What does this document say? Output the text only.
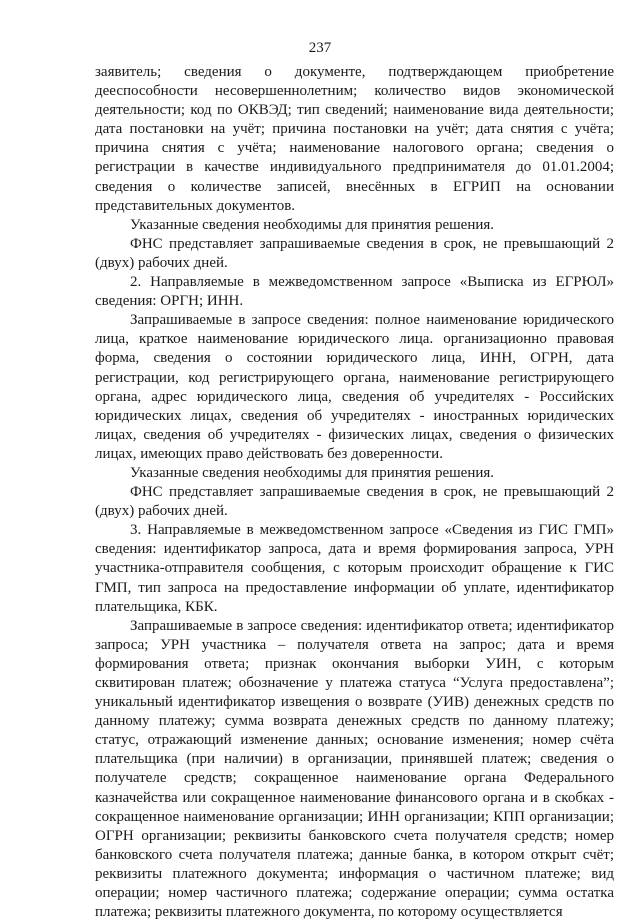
237

заявитель; сведения о документе, подтверждающем приобретение дееспособности несовершеннолетним; количество видов экономической деятельности; код по ОКВЭД; тип сведений; наименование вида деятельности; дата постановки на учёт; причина постановки на учёт; дата снятия с учёта; причина снятия с учёта; наименование налогового органа; сведения о регистрации в качестве индивидуального предпринимателя до 01.01.2004; сведения о количестве записей, внесённых в ЕГРИП на основании представительных документов.

Указанные сведения необходимы для принятия решения.

ФНС представляет запрашиваемые сведения в срок, не превышающий 2 (двух) рабочих дней.

2. Направляемые в межведомственном запросе «Выписка из ЕГРЮЛ» сведения: ОРГН; ИНН.

Запрашиваемые в запросе сведения: полное наименование юридического лица, краткое наименование юридического лица. организационно правовая форма, сведения о состоянии юридического лица, ИНН, ОГРН, дата регистрации, код регистрирующего органа, наименование регистрирующего органа, адрес юридического лица, сведения об учредителях - Российских юридических лицах, сведения об учредителях - иностранных юридических лицах, сведения об учредителях - физических лицах, сведения о физических лицах, имеющих право действовать без доверенности.

Указанные сведения необходимы для принятия решения.

ФНС представляет запрашиваемые сведения в срок, не превышающий 2 (двух) рабочих дней.

3. Направляемые в межведомственном запросе «Сведения из ГИС ГМП» сведения: идентификатор запроса, дата и время формирования запроса, УРН участника-отправителя сообщения, с которым происходит обращение к ГИС ГМП, тип запроса на предоставление информации об уплате, идентификатор плательщика, КБК.

Запрашиваемые в запросе сведения: идентификатор ответа; идентификатор запроса; УРН участника – получателя ответа на запрос; дата и время формирования ответа; признак окончания выборки УИН, с которым сквитирован платеж; обозначение у платежа статуса “Услуга предоставлена”; уникальный идентификатор извещения о возврате (УИВ) денежных средств по данному платежу; сумма возврата денежных средств по данному платежу; статус, отражающий изменение данных; основание изменения; номер счёта плательщика (при наличии) в организации, принявшей платеж; сведения о получателе средств; сокращенное наименование органа Федерального казначейства или сокращенное наименование финансового органа и в скобках - сокращенное наименование организации; ИНН организации; КПП организации; ОГРН организации; реквизиты банковского счета получателя средств; номер банковского счета получателя платежа; данные банка, в котором открыт счёт; реквизиты платежного документа; информация о частичном платеже; вид операции; номер частичного платежа; содержание операции; сумма остатка платежа; реквизиты платежного документа, по которому осуществляется
